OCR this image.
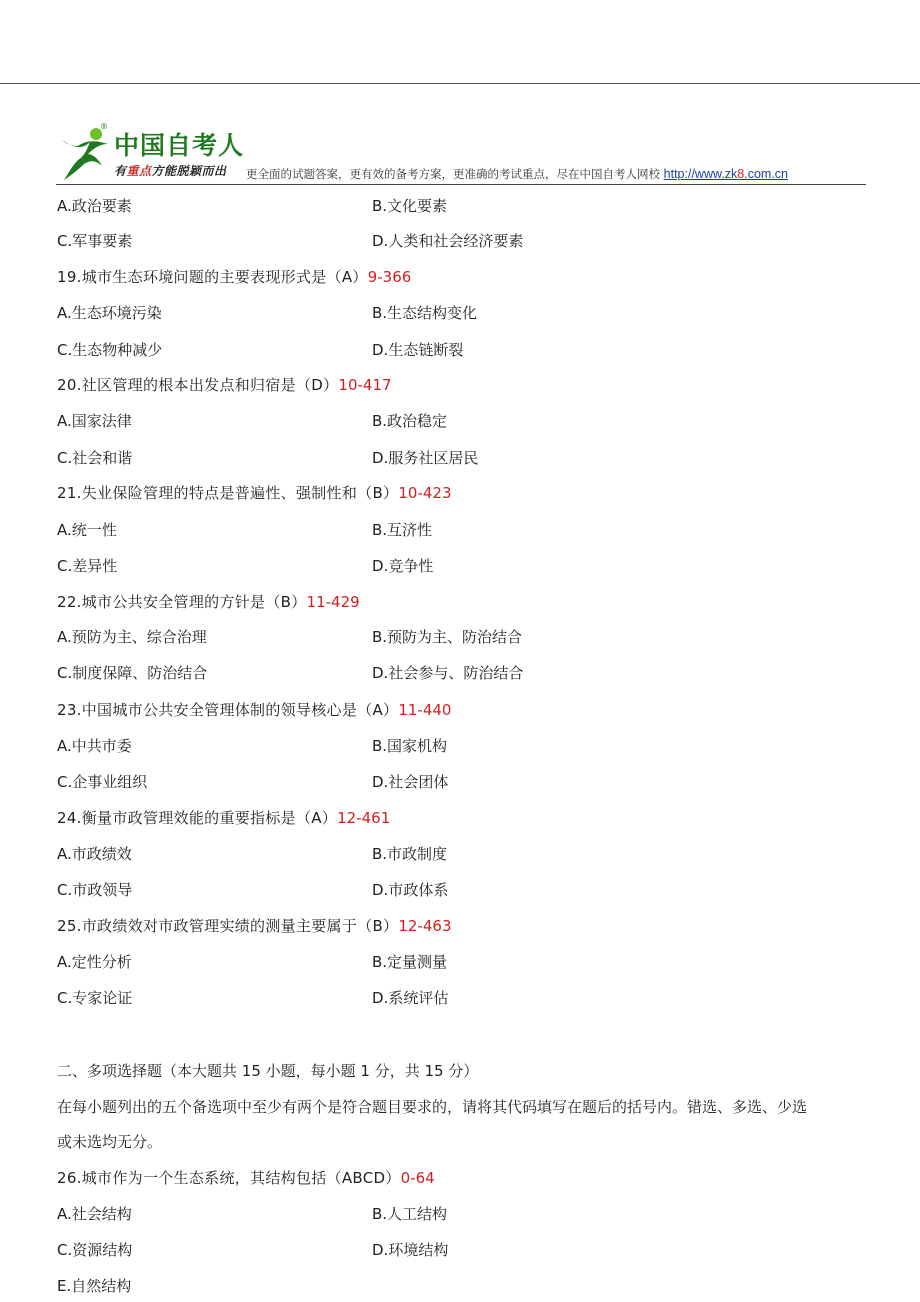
®
中国自考人
有重点方能脱颖而出 更全面的试题答案，更有效的备考方案，更准确的考试重点，尽在中国自考人网校 http://www.zk8.com.cn
A.政治要素	B.文化要素
C.军事要素	D.人类和社会经济要素
19.城市生态环境问题的主要表现形式是（A）9-366
A.生态环境污染	B.生态结构变化
C.生态物种减少	D.生态链断裂
20.社区管理的根本出发点和归宿是（D）10-417
A.国家法律	B.政治稳定
C.社会和谐	D.服务社区居民
21.失业保险管理的特点是普遍性、强制性和（B）10-423
A.统一性	B.互济性
C.差异性	D.竞争性
22.城市公共安全管理的方针是（B）11-429
A.预防为主、综合治理	B.预防为主、防治结合
C.制度保障、防治结合	D.社会参与、防治结合
23.中国城市公共安全管理体制的领导核心是（A）11-440
A.中共市委	B.国家机构
C.企事业组织	D.社会团体
24.衡量市政管理效能的重要指标是（A）12-461
A.市政绩效	B.市政制度
C.市政领导	D.市政体系
25.市政绩效对市政管理实绩的测量主要属于（B）12-463
A.定性分析	B.定量测量
C.专家论证	D.系统评估
二、多项选择题（本大题共 15 小题，每小题 1 分，共 15 分）
在每小题列出的五个备选项中至少有两个是符合题目要求的，请将其代码填写在题后的括号内。错选、多选、少选
或未选均无分。
26.城市作为一个生态系统，其结构包括（ABCD）0-64
A.社会结构	B.人工结构
C.资源结构	D.环境结构
E.自然结构
